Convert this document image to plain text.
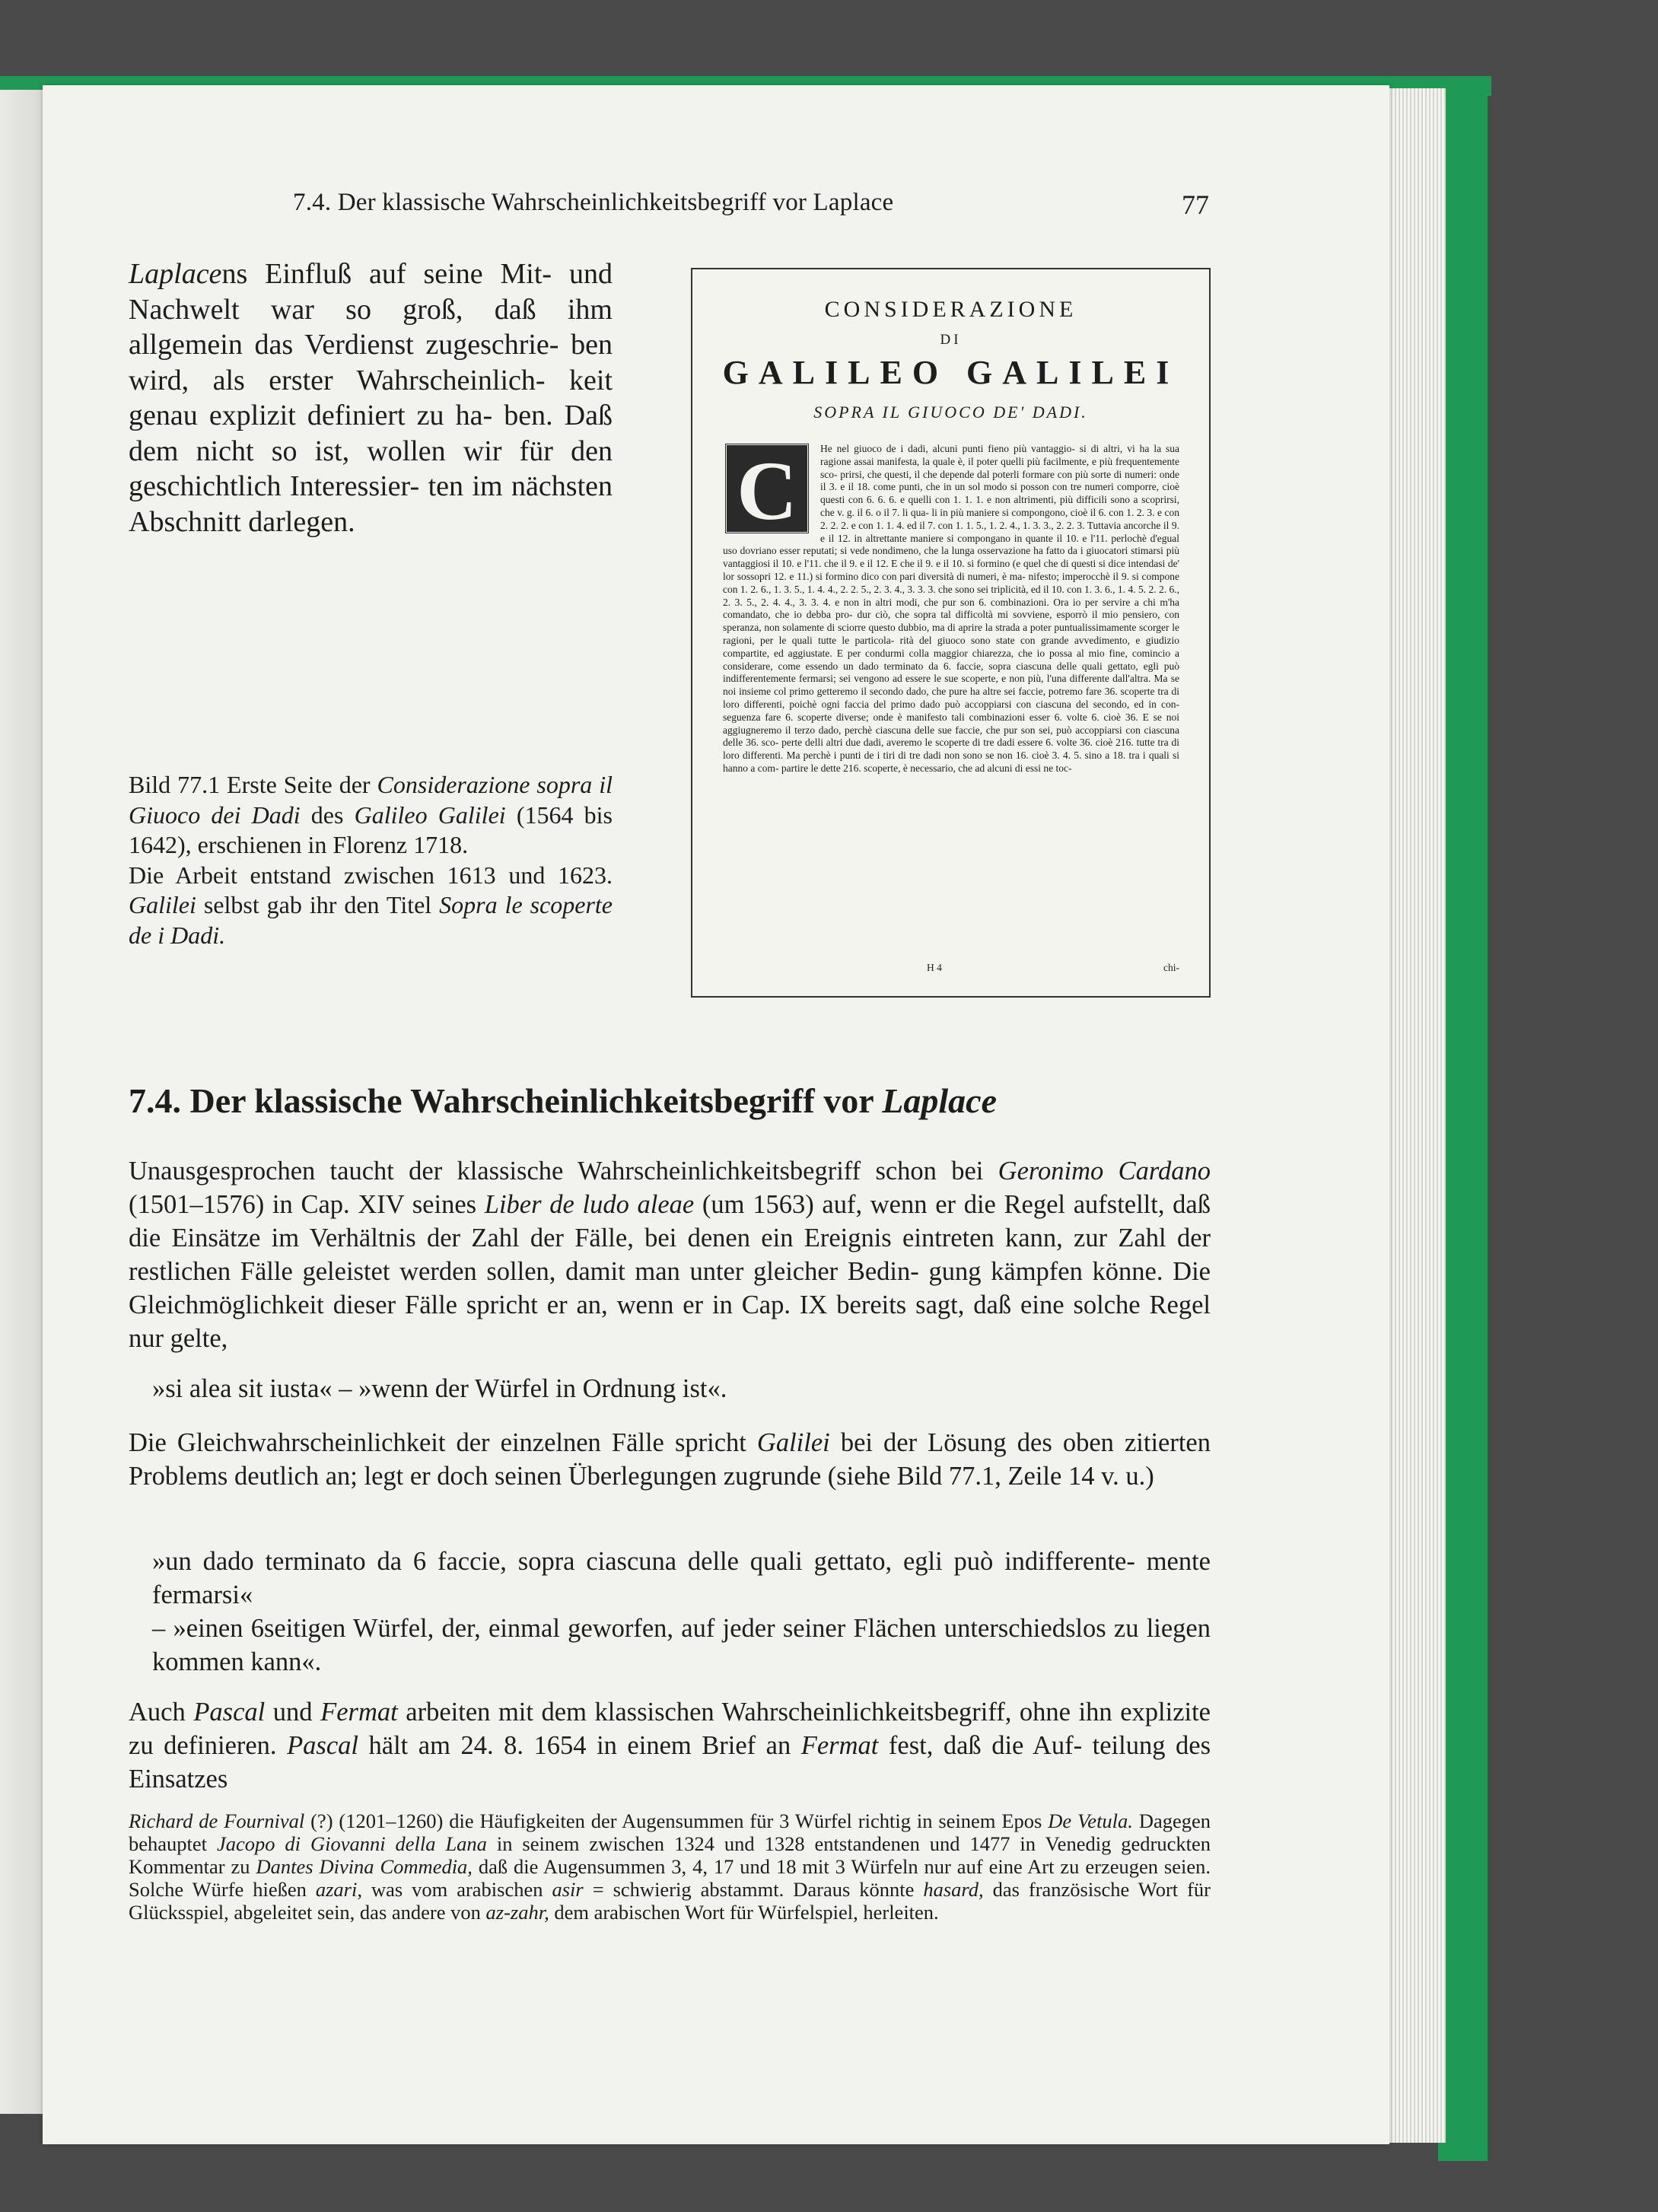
7.4. Der klassische Wahrscheinlichkeitsbegriff vor Laplace	77

Laplacens Einfluß auf seine Mit- und Nachwelt war so groß, daß ihm allgemein das Verdienst zugeschrie- ben wird, als erster Wahrscheinlich- keit genau explizit definiert zu ha- ben. Daß dem nicht so ist, wollen wir für den geschichtlich Interessier- ten im nächsten Abschnitt darlegen.

CONSIDERAZIONE
DI
GALILEO GALILEI
SOPRA IL GIUOCO DE' DADI.

He nel giuoco de i dadi, alcuni punti fieno più vantaggio- si di altri, vi ha la sua ragione assai manifesta, la quale è, il poter quelli più facilmente, e più frequentemente sco- prirsi, che questi, il che depende dal poterli formare con più sorte di numeri: onde il 3. e il 18. come punti, che in un sol modo si posson con tre numeri comporre, cioè questi con 6. 6. 6. e quelli con 1. 1. 1. e non altrimenti, più difficili sono a scoprirsi, che v. g. il 6. o il 7. li qua- li in più maniere si compongono, cioè il 6. con 1. 2. 3. e con 2. 2. 2. e con 1. 1. 4. ed il 7. con 1. 1. 5., 1. 2. 4., 1. 3. 3., 2. 2. 3. Tuttavia ancorche il 9. e il 12. in altrettante maniere si compongano in quante il 10. e l'11. perlochè d'egual uso dovriano esser reputati; si vede nondimeno, che la lunga osservazione ha fatto da i giuocatori stimarsi più vantaggiosi il 10. e l'11. che il 9. e il 12. E che il 9. e il 10. si formino (e quel che di questi si dice intendasi de' lor sossopri 12. e 11.) si formino dico con pari diversità di numeri, è ma- nifesto; imperocchè il 9. si compone con 1. 2. 6., 1. 3. 5., 1. 4. 4., 2. 2. 5., 2. 3. 4., 3. 3. 3. che sono sei triplicità, ed il 10. con 1. 3. 6., 1. 4. 5. 2. 2. 6., 2. 3. 5., 2. 4. 4., 3. 3. 4. e non in altri modi, che pur son 6. combinazioni. Ora io per servire a chi m'ha comandato, che io debba pro- dur ciò, che sopra tal difficoltà mi sovviene, esporrò il mio pensiero, con speranza, non solamente di sciorre questo dubbio, ma di aprire la strada a poter puntualissimamente scorger le ragioni, per le quali tutte le particola- rità del giuoco sono state con grande avvedimento, e giudizio compartite, ed aggiustate. E per condurmi colla maggior chiarezza, che io possa al mio fine, comincio a considerare, come essendo un dado terminato da 6. faccie, sopra ciascuna delle quali gettato, egli può indifferentemente fermarsi; sei vengono ad essere le sue scoperte, e non più, l'una differente dall'altra. Ma se noi insieme col primo getteremo il secondo dado, che pure ha altre sei faccie, potremo fare 36. scoperte tra di loro differenti, poichè ogni faccia del primo dado può accoppiarsi con ciascuna del secondo, ed in con- seguenza fare 6. scoperte diverse; onde è manifesto tali combinazioni esser 6. volte 6. cioè 36. E se noi aggiugneremo il terzo dado, perchè ciascuna delle sue faccie, che pur son sei, può accoppiarsi con ciascuna delle 36. sco- perte delli altri due dadi, averemo le scoperte di tre dadi essere 6. volte 36. cioè 216. tutte tra di loro differenti. Ma perchè i punti de i tiri di tre dadi non sono se non 16. cioè 3. 4. 5. sino a 18. tra i quali si hanno a com- partire le dette 216. scoperte, è necessario, che ad alcuni di essi ne toc-

C
H 4	chi-

Bild 77.1 Erste Seite der Considerazione sopra il Giuoco dei Dadi des Galileo Galilei (1564 bis 1642), erschienen in Florenz 1718.
Die Arbeit entstand zwischen 1613 und 1623. Galilei selbst gab ihr den Titel Sopra le scoperte de i Dadi.

7.4. Der klassische Wahrscheinlichkeitsbegriff vor Laplace

Unausgesprochen taucht der klassische Wahrscheinlichkeitsbegriff schon bei Geronimo Cardano (1501–1576) in Cap. XIV seines Liber de ludo aleae (um 1563) auf, wenn er die Regel aufstellt, daß die Einsätze im Verhältnis der Zahl der Fälle, bei denen ein Ereignis eintreten kann, zur Zahl der restlichen Fälle geleistet werden sollen, damit man unter gleicher Bedin- gung kämpfen könne. Die Gleichmöglichkeit dieser Fälle spricht er an, wenn er in Cap. IX bereits sagt, daß eine solche Regel nur gelte,

»si alea sit iusta« – »wenn der Würfel in Ordnung ist«.

Die Gleichwahrscheinlichkeit der einzelnen Fälle spricht Galilei bei der Lösung des oben zitierten Problems deutlich an; legt er doch seinen Überlegungen zugrunde (siehe Bild 77.1, Zeile 14 v. u.)

»un dado terminato da 6 faccie, sopra ciascuna delle quali gettato, egli può indifferente- mente fermarsi«

– »einen 6seitigen Würfel, der, einmal geworfen, auf jeder seiner Flächen unterschiedslos zu liegen kommen kann«.

Auch Pascal und Fermat arbeiten mit dem klassischen Wahrscheinlichkeitsbegriff, ohne ihn explizite zu definieren. Pascal hält am 24. 8. 1654 in einem Brief an Fermat fest, daß die Auf- teilung des Einsatzes

Richard de Fournival (?) (1201–1260) die Häufigkeiten der Augensummen für 3 Würfel richtig in seinem Epos De Vetula. Dagegen behauptet Jacopo di Giovanni della Lana in seinem zwischen 1324 und 1328 entstandenen und 1477 in Venedig gedruckten Kommentar zu Dantes Divina Commedia, daß die Augensummen 3, 4, 17 und 18 mit 3 Würfeln nur auf eine Art zu erzeugen seien. Solche Würfe hießen azari, was vom arabischen asir = schwierig abstammt. Daraus könnte hasard, das französische Wort für Glücksspiel, abgeleitet sein, das andere von az-zahr, dem arabischen Wort für Würfelspiel, herleiten.
